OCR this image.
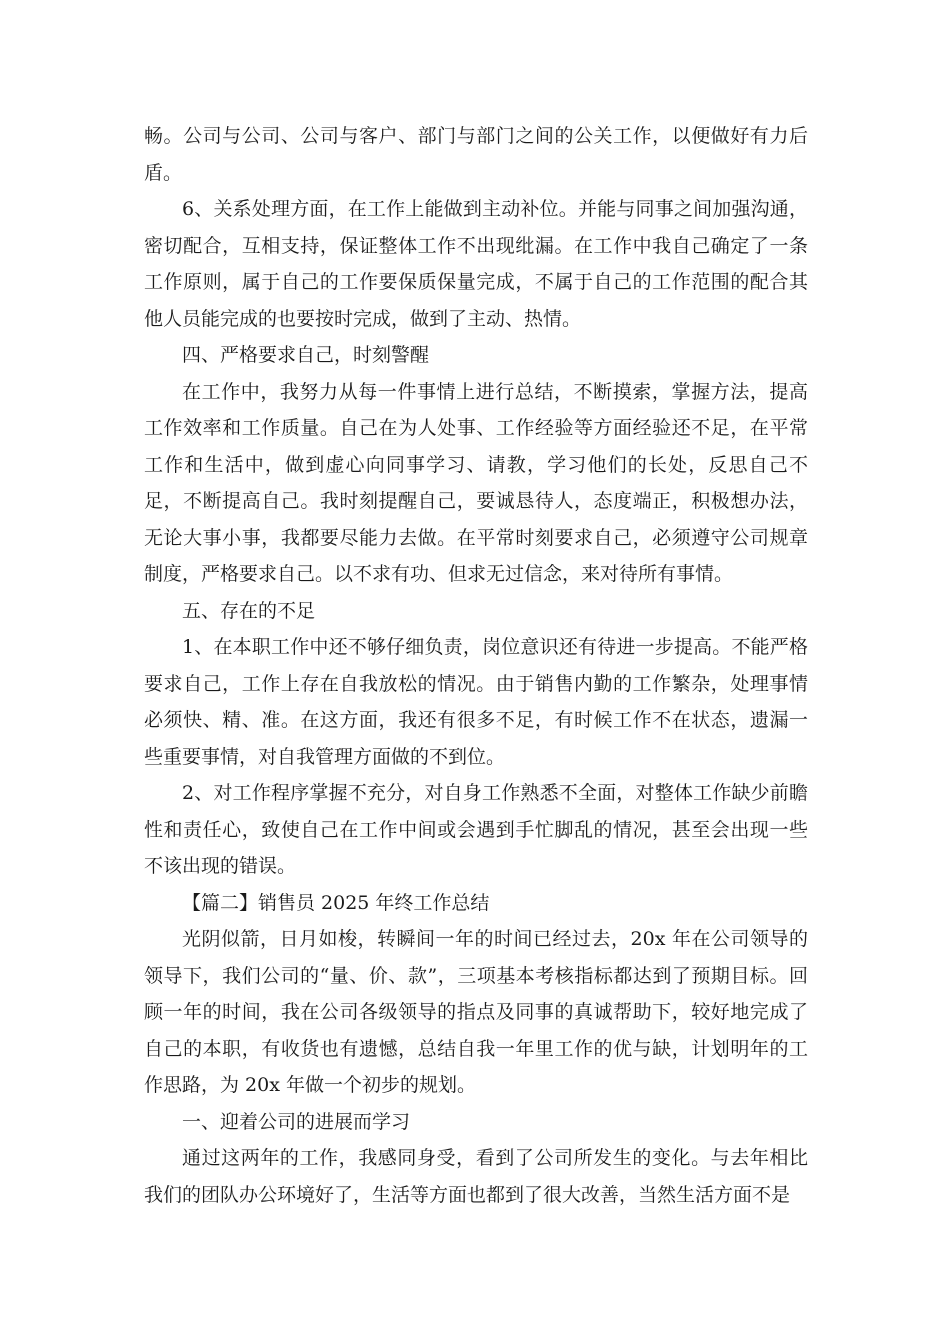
畅。公司与公司、公司与客户、部门与部门之间的公关工作，以便做好有力后盾。

6、关系处理方面，在工作上能做到主动补位。并能与同事之间加强沟通，密切配合，互相支持，保证整体工作不出现纰漏。在工作中我自己确定了一条工作原则，属于自己的工作要保质保量完成，不属于自己的工作范围的配合其他人员能完成的也要按时完成，做到了主动、热情。

四、严格要求自己，时刻警醒

在工作中，我努力从每一件事情上进行总结，不断摸索，掌握方法，提高工作效率和工作质量。自己在为人处事、工作经验等方面经验还不足，在平常工作和生活中，做到虚心向同事学习、请教，学习他们的长处，反思自己不足，不断提高自己。我时刻提醒自己，要诚恳待人，态度端正，积极想办法，无论大事小事，我都要尽能力去做。在平常时刻要求自己，必须遵守公司规章制度，严格要求自己。以不求有功、但求无过信念，来对待所有事情。

五、存在的不足

1、在本职工作中还不够仔细负责，岗位意识还有待进一步提高。不能严格要求自己，工作上存在自我放松的情况。由于销售内勤的工作繁杂，处理事情必须快、精、准。在这方面，我还有很多不足，有时候工作不在状态，遗漏一些重要事情，对自我管理方面做的不到位。

2、对工作程序掌握不充分，对自身工作熟悉不全面，对整体工作缺少前瞻性和责任心，致使自己在工作中间或会遇到手忙脚乱的情况，甚至会出现一些不该出现的错误。

【篇二】销售员 2025 年终工作总结

光阴似箭，日月如梭，转瞬间一年的时间已经过去，20x 年在公司领导的领导下，我们公司的“量、价、款”，三项基本考核指标都达到了预期目标。回顾一年的时间，我在公司各级领导的指点及同事的真诚帮助下，较好地完成了自己的本职，有收货也有遗憾，总结自我一年里工作的优与缺，计划明年的工作思路，为 20x 年做一个初步的规划。

一、迎着公司的进展而学习

通过这两年的工作，我感同身受，看到了公司所发生的变化。与去年相比我们的团队办公环境好了，生活等方面也都到了很大改善，当然生活方面不是
